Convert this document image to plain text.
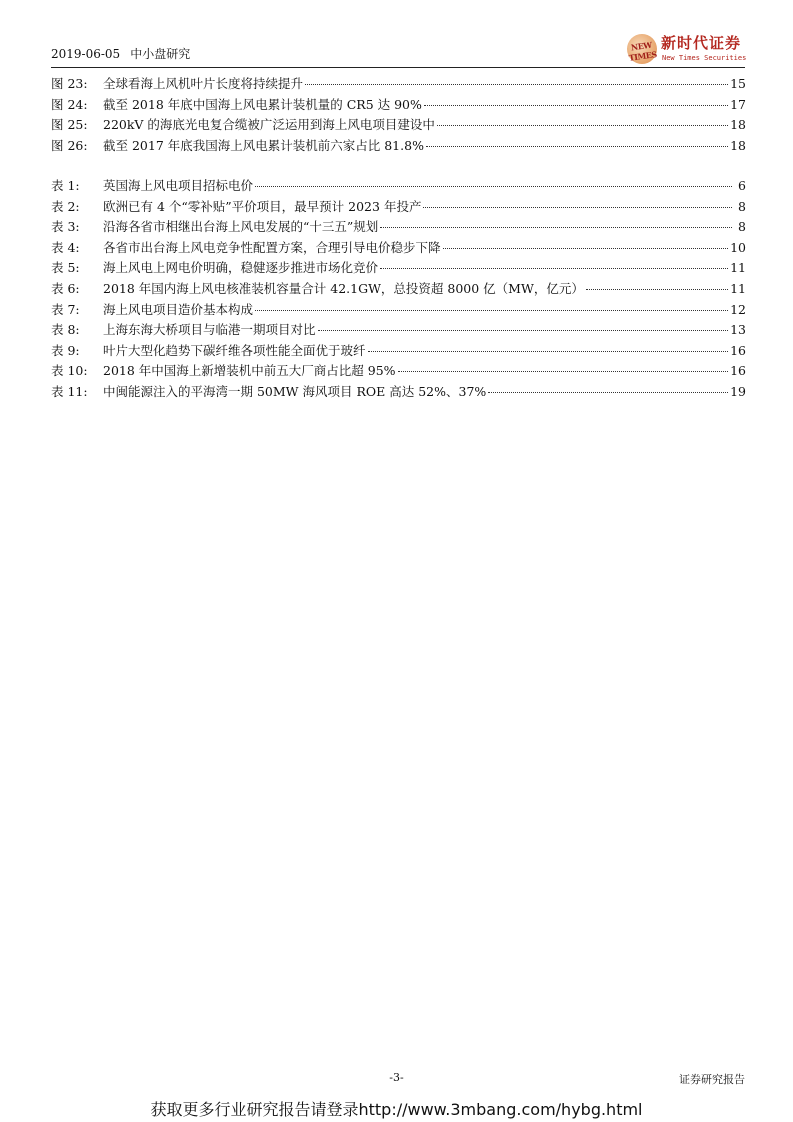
2019-06-05 中小盘研究
NEW TIMES
新时代证券
New Times Securities
图 23:	全球看海上风机叶片长度将持续提升	15
图 24:	截至 2018 年底中国海上风电累计装机量的 CR5 达 90%	17
图 25:	220kV 的海底光电复合缆被广泛运用到海上风电项目建设中	18
图 26:	截至 2017 年底我国海上风电累计装机前六家占比 81.8%	18
表 1:	英国海上风电项目招标电价	6
表 2:	欧洲已有 4 个“零补贴”平价项目，最早预计 2023 年投产	8
表 3:	沿海各省市相继出台海上风电发展的“十三五”规划	8
表 4:	各省市出台海上风电竞争性配置方案，合理引导电价稳步下降	10
表 5:	海上风电上网电价明确，稳健逐步推进市场化竞价	11
表 6:	2018 年国内海上风电核准装机容量合计 42.1GW，总投资超 8000 亿（MW，亿元）	11
表 7:	海上风电项目造价基本构成	12
表 8:	上海东海大桥项目与临港一期项目对比	13
表 9:	叶片大型化趋势下碳纤维各项性能全面优于玻纤	16
表 10:	2018 年中国海上新增装机中前五大厂商占比超 95%	16
表 11:	中闽能源注入的平海湾一期 50MW 海风项目 ROE 高达 52%、37%	19
-3-	证券研究报告
获取更多行业研究报告请登录http://www.3mbang.com/hybg.html
